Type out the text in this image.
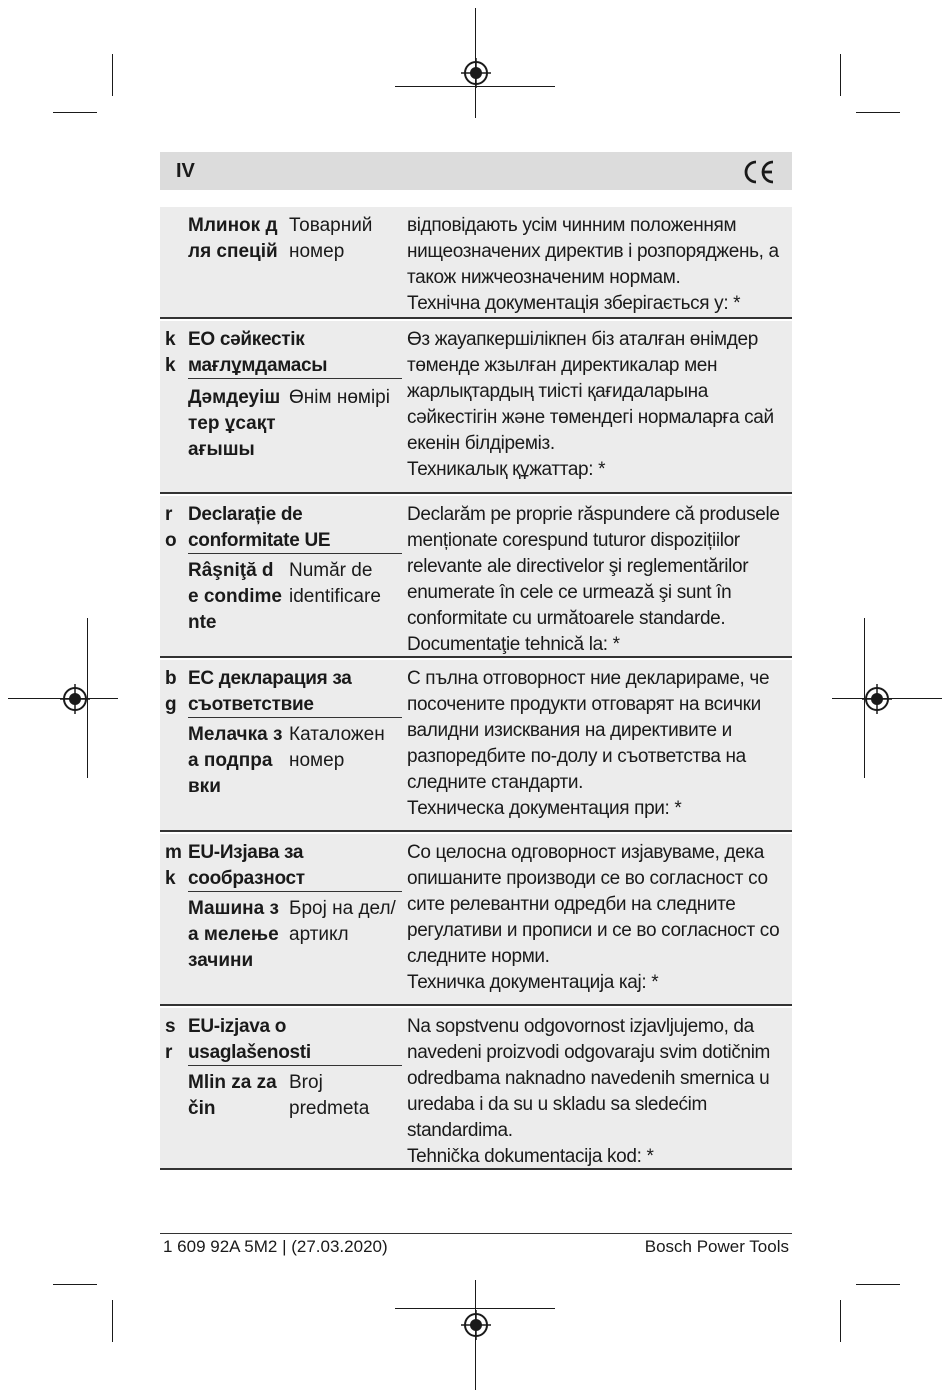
IV
Млинок для спецій
Товарний номер

відповідають усім чинним положенням нищеозначених директив і розпоряджень, а також нижчеозначеним нормам.

Технічна документація зберігається у: *

kk
ЕО сәйкестік мағлұмдамасы
Дәмдеуіштер ұсақтағышы
Өнім нөмірі

Өз жауапкершілікпен біз аталған өнімдер төменде жзылған директикалар мен жарлықтардың тиісті қағидаларына сәйкестігін және төмендегі нормаларға сай екенін білдіреміз.

Техникалық құжаттар: *

ro
Declarație de conformitate UE
Râşniţă de condimente
Număr de identificare

Declarăm pe proprie răspundere că produsele menționate corespund tuturor dispozițiilor relevante ale directivelor şi reglementărilor enumerate în cele ce urmează şi sunt în conformitate cu următoarele standarde.

Documentaţie tehnică la: *

bg
ЕС декларация за съответствие
Мелачка за подправки
Каталожен номер

С пълна отговорност ние декларираме, че посочените продукти отговарят на всички валидни изисквания на директивите и разпоредбите по-долу и съответства на следните стандарти.

Техническа документация при: *

mk
ЕU-Изјава за сообразност
Машина за мелење зачини
Број на дел/ артикл

Со целосна одговорност изјавуваме, дека опишаните производи се во согласност со сите релевантни одредби на следните регулативи и прописи и се во согласност со следните норми.

Техничка документација кај: *

sr
EU-izjava o usaglašenosti
Mlin za začin
Broj predmeta

Na sopstvenu odgovornost izjavljujemo, da navedeni proizvodi odgovaraju svim dotičnim odredbama naknadno navedenih smernica u uredaba i da su u skladu sa sledećim standardima.

Tehnička dokumentacija kod: *

1 609 92A 5M2 | (27.03.2020)	Bosch Power Tools
